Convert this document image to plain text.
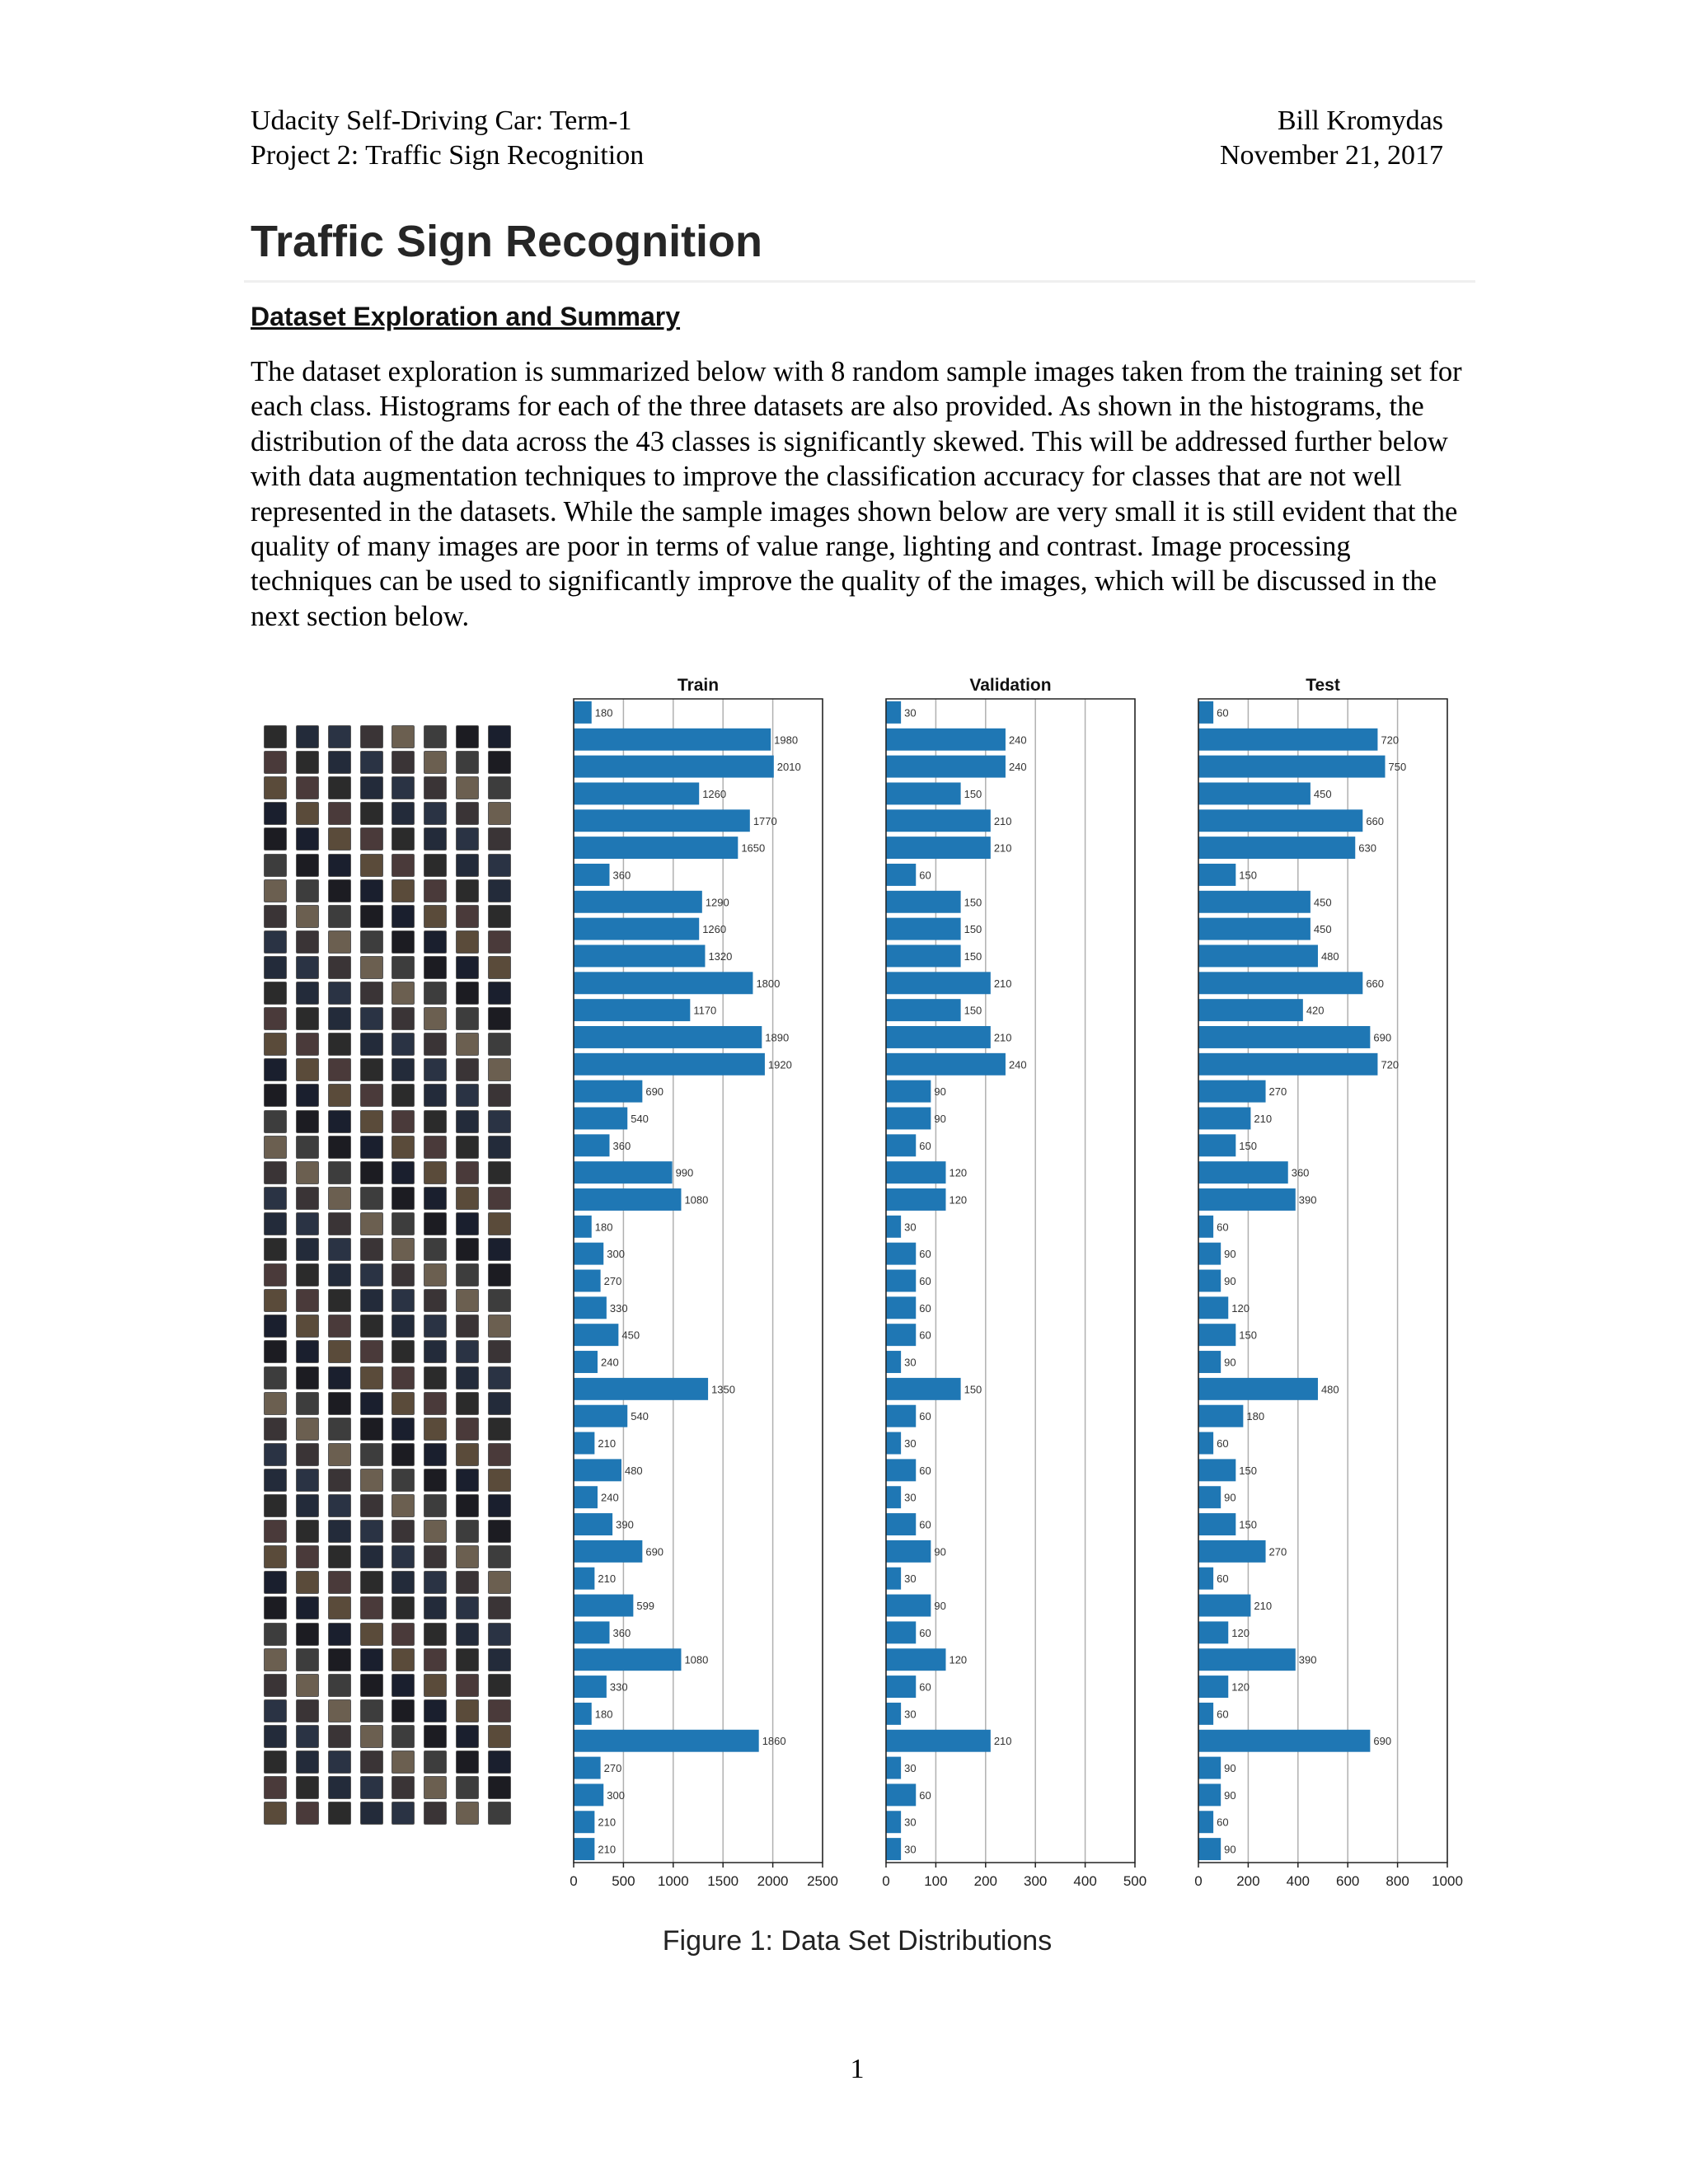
Udacity Self-Driving Car: Term-1
Project 2: Traffic Sign Recognition
Bill Kromydas
November 21, 2017
Traffic Sign Recognition
Dataset Exploration and Summary

The dataset exploration is summarized below with 8 random sample images taken from the training set for each class. Histograms for each of the three datasets are also provided. As shown in the histograms, the distribution of the data across the 43 classes is significantly skewed. This will be addressed further below with data augmentation techniques to improve the classification accuracy for classes that are not well represented in the datasets. While the sample images shown below are very small it is still evident that the quality of many images are poor in terms of value range, lighting and contrast. Image processing techniques can be used to significantly improve the quality of the images, which will be discussed in the next section below.

180
1980
2010
1260
1770
1650
360
1290
1260
1320
1800
1170
1890
1920
690
540
360
990
1080
180
300
270
330
450
240
1350
540
210
480
240
390
690
210
599
360
1080
330
180
1860
270
300
210
210
0 500 1000 1500 2000 2500
Train
30
240
240
150
210
210
60
150
150
150
210
150
210
240
90
90
60
120
120
30
60
60
60
60
30
150
60
30
60
30
60
90
30
90
60
120
60
30
210
30
60
30
30
0 100 200 300 400 500
Validation
60
720
750
450
660
630
150
450
450
480
660
420
690
720
270
210
150
360
390
60
90
90
120
150
90
480
180
60
150
90
150
270
60
210
120
390
120
60
690
90
90
60
90
0 200 400 600 800 1000
Test
Figure 1: Data Set Distributions
1
